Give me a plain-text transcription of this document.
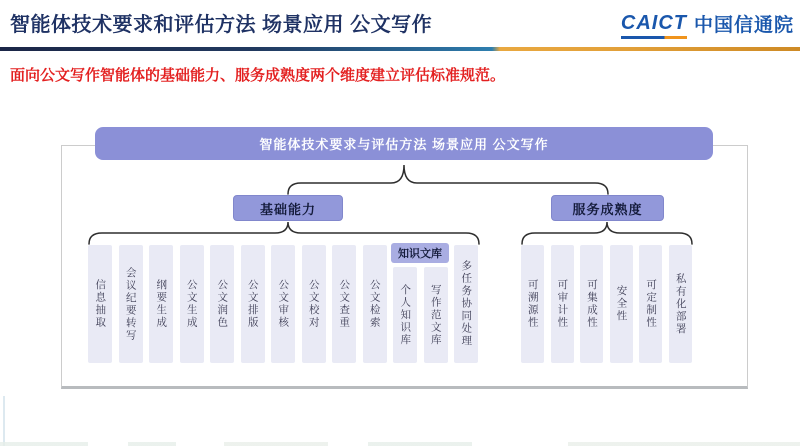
智能体技术要求和评估方法 场景应用 公文写作	CAICT 中国信通院
面向公文写作智能体的基础能力、服务成熟度两个维度建立评估标准规范。
智能体技术要求与评估方法 场景应用 公文写作
基础能力	服务成熟度
知识文库
信息抽取 会议纪要转写 纲要生成 公文生成 公文润色 公文排版 公文审核 公文校对 公文查重 公文检索 个人知识库 写作范文库 多任务协同处理	可溯源性 可审计性 可集成性 安全性 可定制性 私有化部署
